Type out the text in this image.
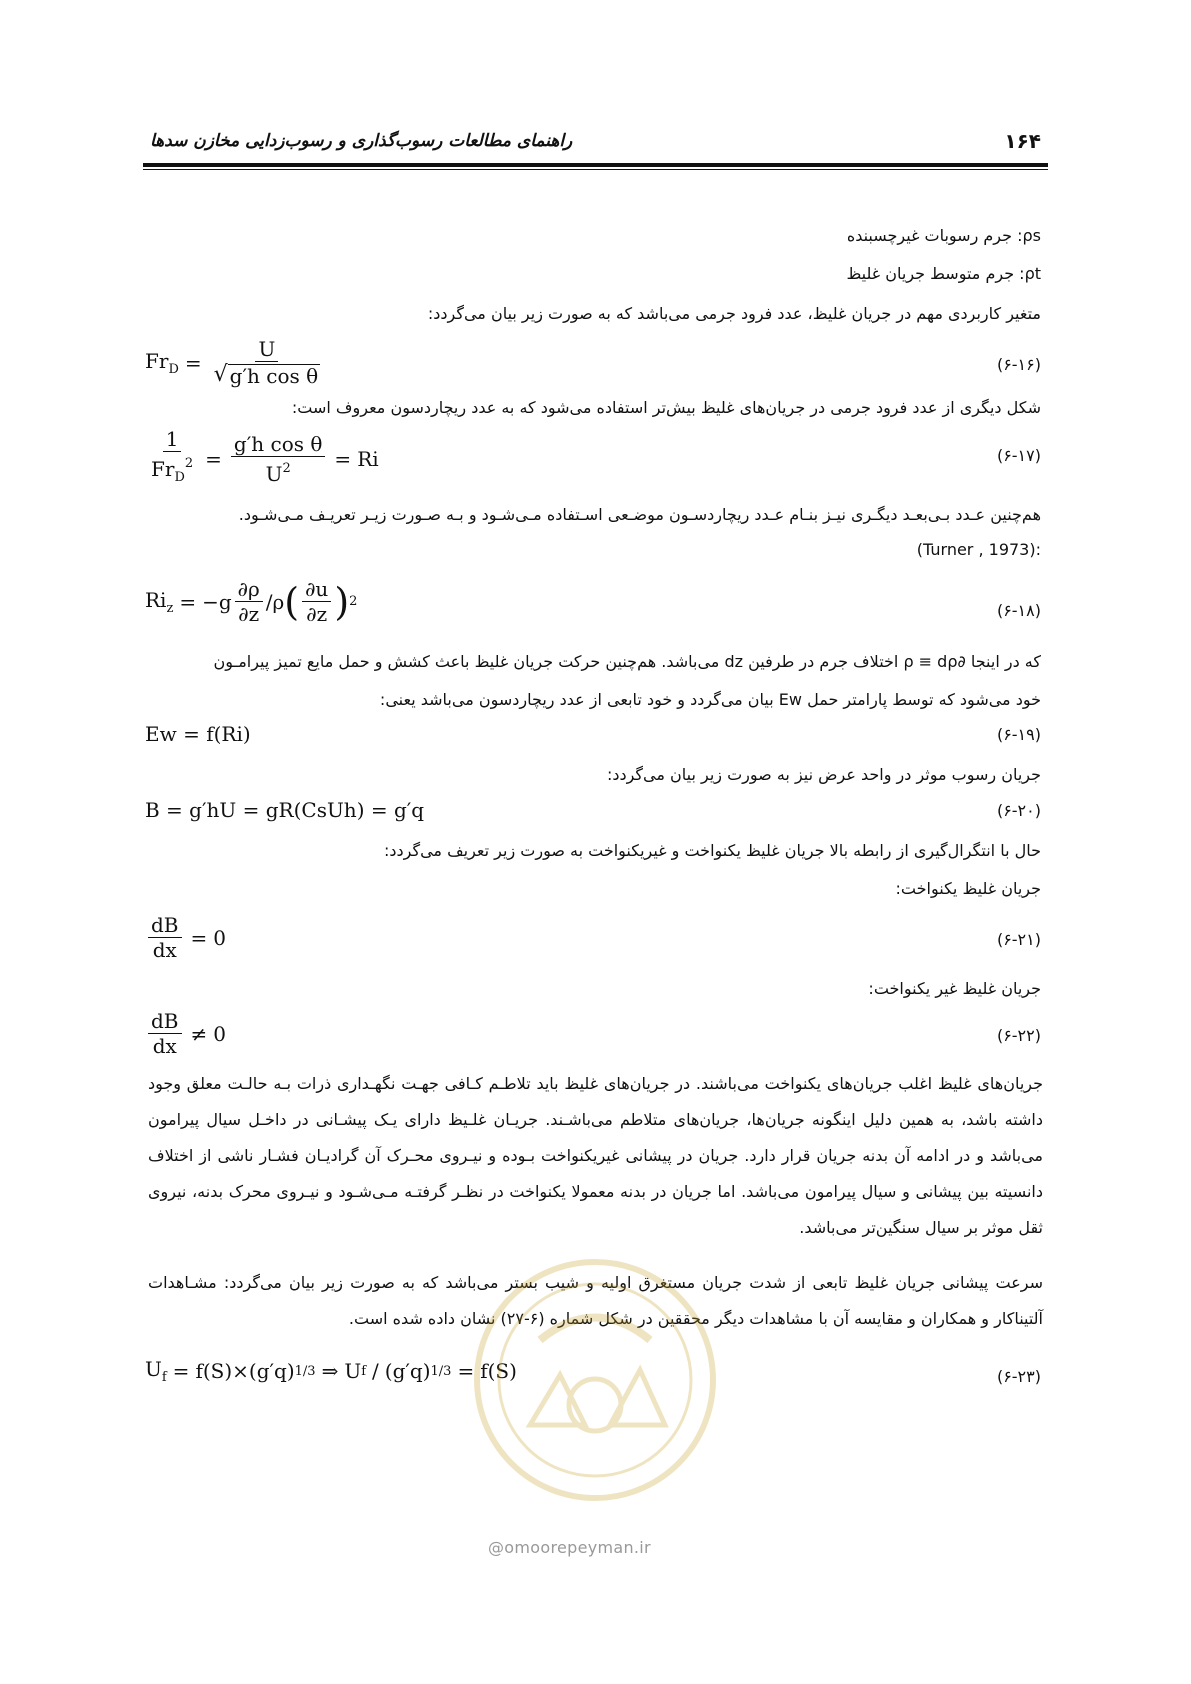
راهنمای مطالعات رسوب‌گذاری و رسوب‌زدایی مخازن سدها	۱۶۴
ρs: جرم رسوبات غیرچسبنده
ρt: جرم متوسط جریان غلیظ
متغیر کاربردی مهم در جریان غلیظ، عدد فرود جرمی می‌باشد که به صورت زیر بیان می‌گردد:
$Fr_D = \frac{U}{\text{√ g′h cos θ}}$	(۶-۱۶)
شکل دیگری از عدد فرود جرمی در جریان‌های غلیظ بیش‌تر استفاده می‌شود که به عدد ریچاردسون معروف است:
$\frac{1}{Fr_D^2} = \frac{\text{g′h cos θ}}{U^2} = Ri$	(۶-۱۷)
هم‌چنین عـدد بـی‌بعـد دیگـری نیـز بنـام عـدد ریچاردسـون موضـعی اسـتفاده مـی‌شـود و بـه صـورت زیـر تعریـف مـی‌شـود.
:(Turner , 1973)
$Ri_z = -g \frac{\partial\rho}{\partial z} /\rho$ ( $\frac{\partial u}{\partial z}$ ) 2	(۶-۱۸)
که در اینجا ∂ρ ≡ dρ اختلاف جرم در طرفین dz می‌باشد. هم‌چنین حرکت جریان غلیظ باعث کشش و حمل مایع تمیز پیرامـون
خود می‌شود که توسط پارامتر حمل Ew بیان می‌گردد و خود تابعی از عدد ریچاردسون می‌باشد یعنی:
Ew = f(Ri)	(۶-۱۹)
جریان رسوب موثر در واحد عرض نیز به صورت زیر بیان می‌گردد:
B = g′hU = gR(CsUh) = g′q	(۶-۲۰)
حال با انتگرال‌گیری از رابطه بالا جریان غلیظ یکنواخت و غیریکنواخت به صورت زیر تعریف می‌گردد:
جریان غلیظ یکنواخت:
$\frac{dB}{dx} = 0$	(۶-۲۱)
جریان غلیظ غیر یکنواخت:
$\frac{dB}{dx} \ne 0$	(۶-۲۲)
جریان‌های غلیظ اغلب جریان‌های یکنواخت می‌باشند. در جریان‌های غلیظ باید تلاطـم کـافی جهـت نگهـداری ذرات بـه حالـت معلق وجود داشته باشد، به همین دلیل اینگونه جریان‌ها، جریان‌های متلاطم می‌باشـند. جریـان غلـیظ دارای یـک پیشـانی در داخـل سیال پیرامون می‌باشد و در ادامه آن بدنه جریان قرار دارد. جریان در پیشانی غیریکنواخت بـوده و نیـروی محـرک آن گرادیـان فشـار ناشی از اختلاف دانسیته بین پیشانی و سیال پیرامون می‌باشد. اما جریان در بدنه معمولا یکنواخت در نظـر گرفتـه مـی‌شـود و نیـروی محرک بدنه، نیروی ثقل موثر بر سیال سنگین‌تر می‌باشد.
سرعت پیشانی جریان غلیظ تابعی از شدت جریان مستغرق اولیه و شیب بستر می‌باشد که به صورت زیر بیان می‌گردد: مشـاهدات آلتیناکار و همکاران و مقایسه آن با مشاهدات دیگر محققین در شکل شماره (۶-۲۷) نشان داده شده است.
$U_f = f(S)\times(g'q)$ 1/3 ⇒ U f / (g′q) 1/3 = f(S)	(۶-۲۳)
@omoorepeyman.ir
